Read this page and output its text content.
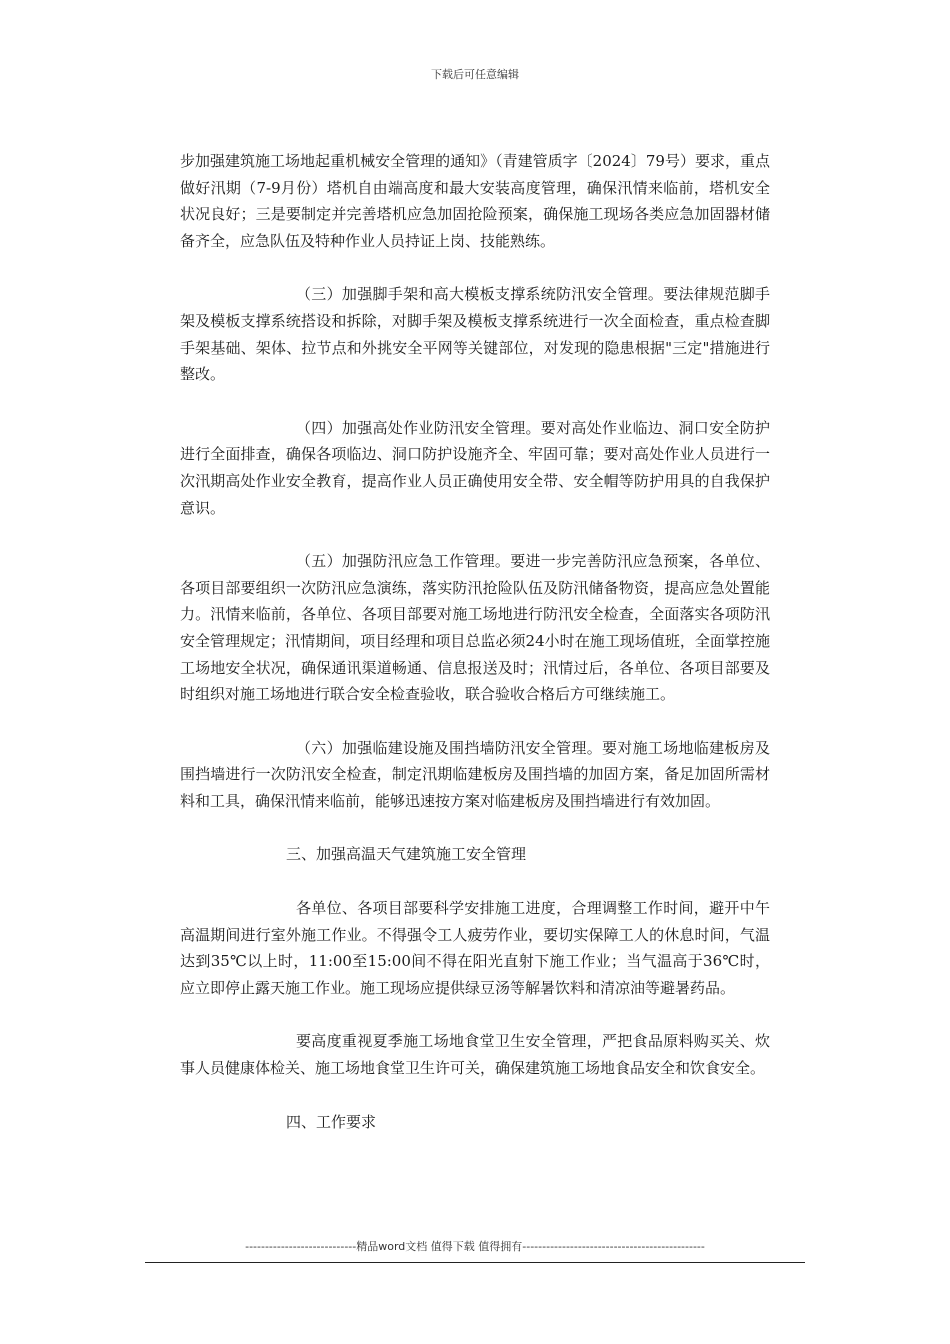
下载后可任意编辑

步加强建筑施工场地起重机械安全管理的通知》（青建管质字〔2024〕79号）要求，重点做好汛期（7-9月份）塔机自由端高度和最大安装高度管理，确保汛情来临前，塔机安全状况良好；三是要制定并完善塔机应急加固抢险预案，确保施工现场各类应急加固器材储备齐全，应急队伍及特种作业人员持证上岗、技能熟练。

（三）加强脚手架和高大模板支撑系统防汛安全管理。要法律规范脚手架及模板支撑系统搭设和拆除，对脚手架及模板支撑系统进行一次全面检查，重点检查脚手架基础、架体、拉节点和外挑安全平网等关键部位，对发现的隐患根据"三定"措施进行整改。

（四）加强高处作业防汛安全管理。要对高处作业临边、洞口安全防护进行全面排查，确保各项临边、洞口防护设施齐全、牢固可靠；要对高处作业人员进行一次汛期高处作业安全教育，提高作业人员正确使用安全带、安全帽等防护用具的自我保护意识。

（五）加强防汛应急工作管理。要进一步完善防汛应急预案，各单位、各项目部要组织一次防汛应急演练，落实防汛抢险队伍及防汛储备物资，提高应急处置能力。汛情来临前，各单位、各项目部要对施工场地进行防汛安全检查，全面落实各项防汛安全管理规定；汛情期间，项目经理和项目总监必须24小时在施工现场值班，全面掌控施工场地安全状况，确保通讯渠道畅通、信息报送及时；汛情过后，各单位、各项目部要及时组织对施工场地进行联合安全检查验收，联合验收合格后方可继续施工。

（六）加强临建设施及围挡墙防汛安全管理。要对施工场地临建板房及围挡墙进行一次防汛安全检查，制定汛期临建板房及围挡墙的加固方案，备足加固所需材料和工具，确保汛情来临前，能够迅速按方案对临建板房及围挡墙进行有效加固。

三、加强高温天气建筑施工安全管理

各单位、各项目部要科学安排施工进度，合理调整工作时间，避开中午高温期间进行室外施工作业。不得强令工人疲劳作业，要切实保障工人的休息时间，气温达到35℃以上时，11:00至15:00间不得在阳光直射下施工作业；当气温高于36℃时，应立即停止露天施工作业。施工现场应提供绿豆汤等解暑饮料和清凉油等避暑药品。

要高度重视夏季施工场地食堂卫生安全管理，严把食品原料购买关、炊事人员健康体检关、施工场地食堂卫生许可关，确保建筑施工场地食品安全和饮食安全。

四、工作要求

----------------------------精品word文档 值得下载 值得拥有----------------------------------------------
